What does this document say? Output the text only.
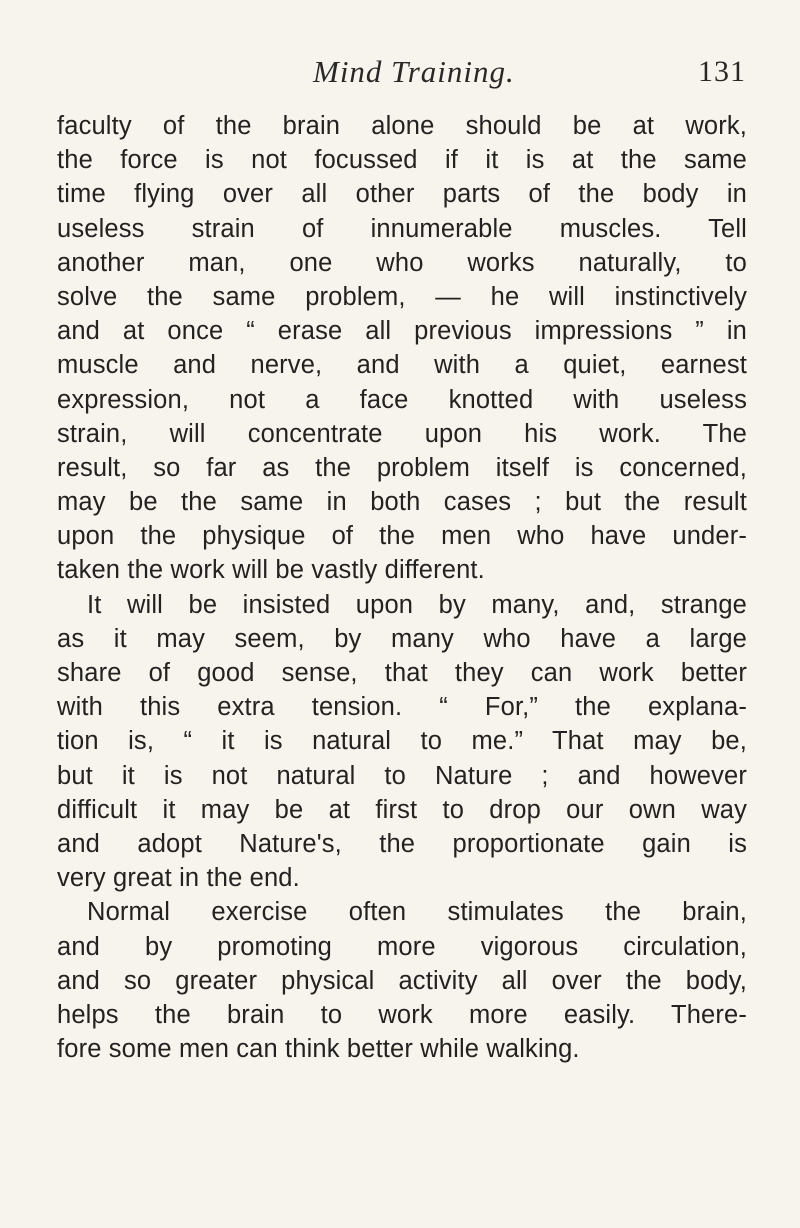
Mind Training.	131
faculty of the brain alone should be at work,
the force is not focussed if it is at the same
time flying over all other parts of the body in
useless strain of innumerable muscles. Tell
another man, one who works naturally, to
solve the same problem, — he will instinctively
and at once “ erase all previous impressions ” in
muscle and nerve, and with a quiet, earnest
expression, not a face knotted with useless
strain, will concentrate upon his work. The
result, so far as the problem itself is concerned,
may be the same in both cases ; but the result
upon the physique of the men who have under-
taken the work will be vastly different.
It will be insisted upon by many, and, strange
as it may seem, by many who have a large
share of good sense, that they can work better
with this extra tension. “ For,” the explana-
tion is, “ it is natural to me.” That may be,
but it is not natural to Nature ; and however
difficult it may be at first to drop our own way
and adopt Nature's, the proportionate gain is
very great in the end.
Normal exercise often stimulates the brain,
and by promoting more vigorous circulation,
and so greater physical activity all over the body,
helps the brain to work more easily. There-
fore some men can think better while walking.
